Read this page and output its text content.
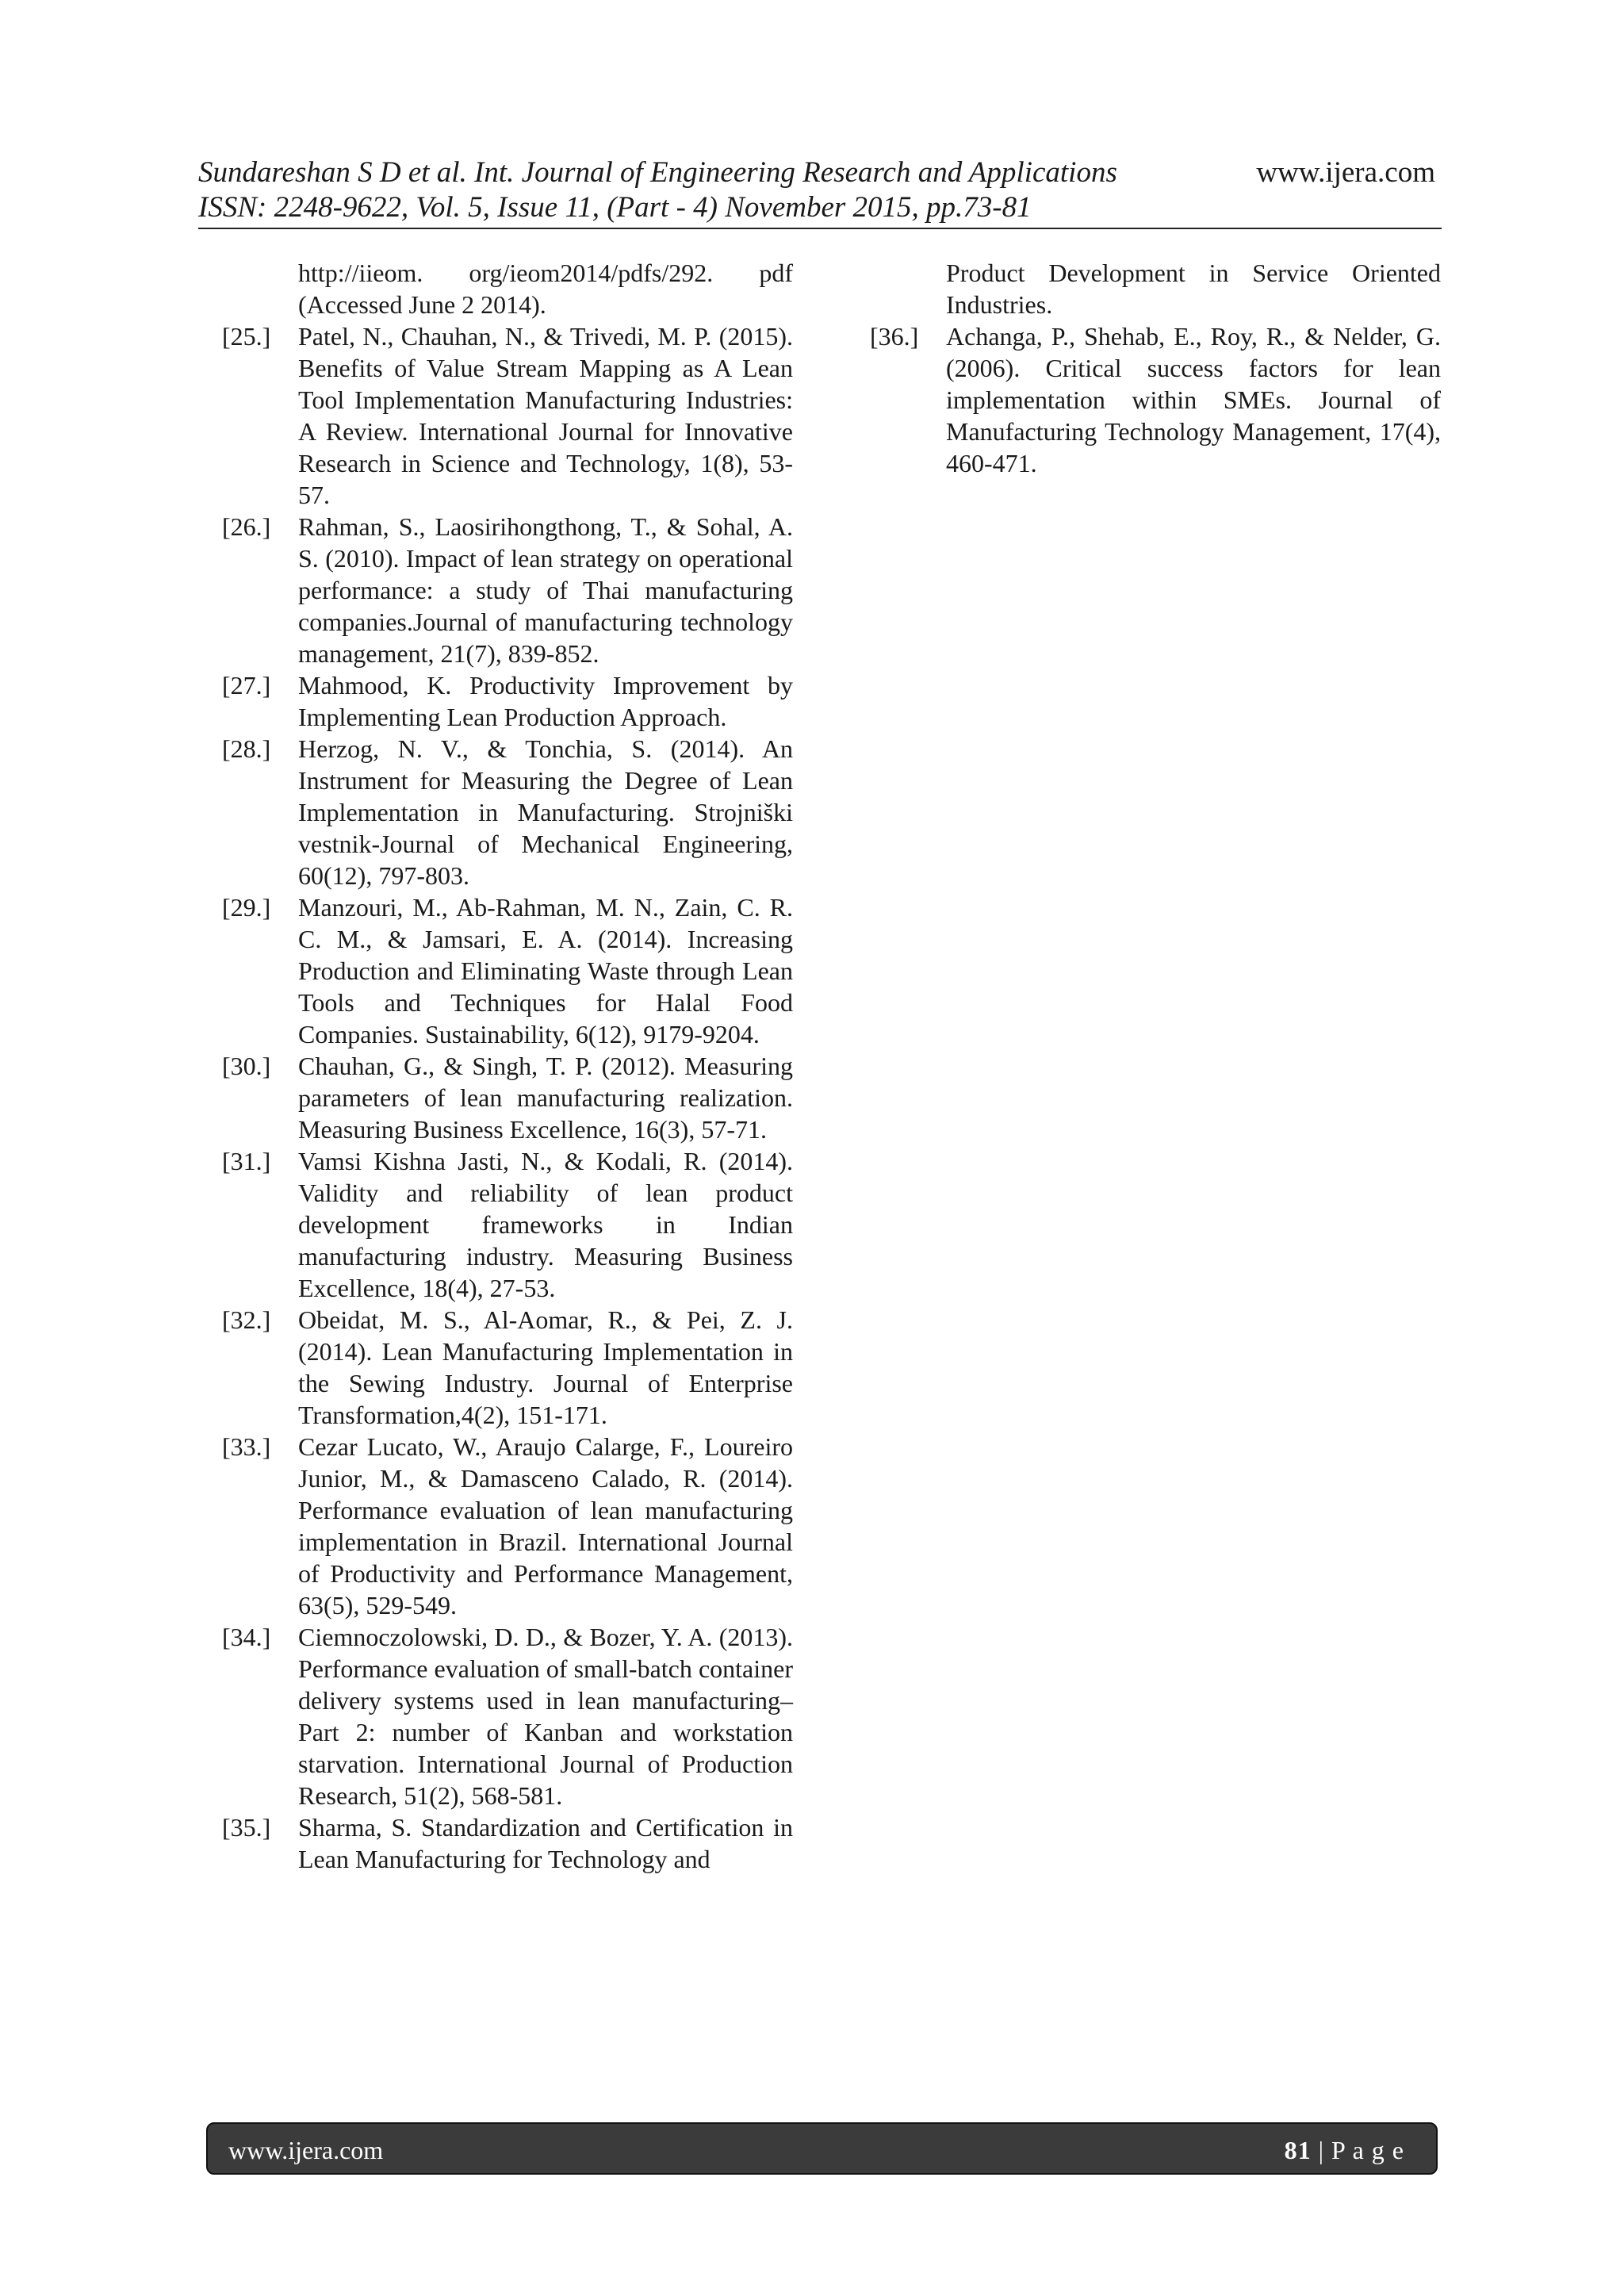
Sundareshan S D et al. Int. Journal of Engineering Research and Applications
ISSN: 2248-9622, Vol. 5, Issue 11, (Part - 4) November 2015, pp.73-81
www.ijera.com
http://iieom. org/ieom2014/pdfs/292. pdf (Accessed June 2 2014).
[25.]	Patel, N., Chauhan, N., & Trivedi, M. P. (2015). Benefits of Value Stream Mapping as A Lean Tool Implementation Manufacturing Industries: A Review. International Journal for Innovative Research in Science and Technology, 1(8), 53-57.
[26.]	Rahman, S., Laosirihongthong, T., & Sohal, A. S. (2010). Impact of lean strategy on operational performance: a study of Thai manufacturing companies.Journal of manufacturing technology management, 21(7), 839-852.
[27.]	Mahmood, K. Productivity Improvement by Implementing Lean Production Approach.
[28.]	Herzog, N. V., & Tonchia, S. (2014). An Instrument for Measuring the Degree of Lean Implementation in Manufacturing. Strojniški vestnik-Journal of Mechanical Engineering, 60(12), 797-803.
[29.]	Manzouri, M., Ab-Rahman, M. N., Zain, C. R. C. M., & Jamsari, E. A. (2014). Increasing Production and Eliminating Waste through Lean Tools and Techniques for Halal Food Companies. Sustainability, 6(12), 9179-9204.
[30.]	Chauhan, G., & Singh, T. P. (2012). Measuring parameters of lean manufacturing realization. Measuring Business Excellence, 16(3), 57-71.
[31.]	Vamsi Kishna Jasti, N., & Kodali, R. (2014). Validity and reliability of lean product development frameworks in Indian manufacturing industry. Measuring Business Excellence, 18(4), 27-53.
[32.]	Obeidat, M. S., Al-Aomar, R., & Pei, Z. J. (2014). Lean Manufacturing Implementation in the Sewing Industry. Journal of Enterprise Transformation,4(2), 151-171.
[33.]	Cezar Lucato, W., Araujo Calarge, F., Loureiro Junior, M., & Damasceno Calado, R. (2014). Performance evaluation of lean manufacturing implementation in Brazil. International Journal of Productivity and Performance Management, 63(5), 529-549.
[34.]	Ciemnoczolowski, D. D., & Bozer, Y. A. (2013). Performance evaluation of small-batch container delivery systems used in lean manufacturing–Part 2: number of Kanban and workstation starvation. International Journal of Production Research, 51(2), 568-581.
[35.]	Sharma, S. Standardization and Certification in Lean Manufacturing for Technology and
Product Development in Service Oriented Industries.
[36.]	Achanga, P., Shehab, E., Roy, R., & Nelder, G. (2006). Critical success factors for lean implementation within SMEs. Journal of Manufacturing Technology Management, 17(4), 460-471.
www.ijera.com	81 | P a g e
